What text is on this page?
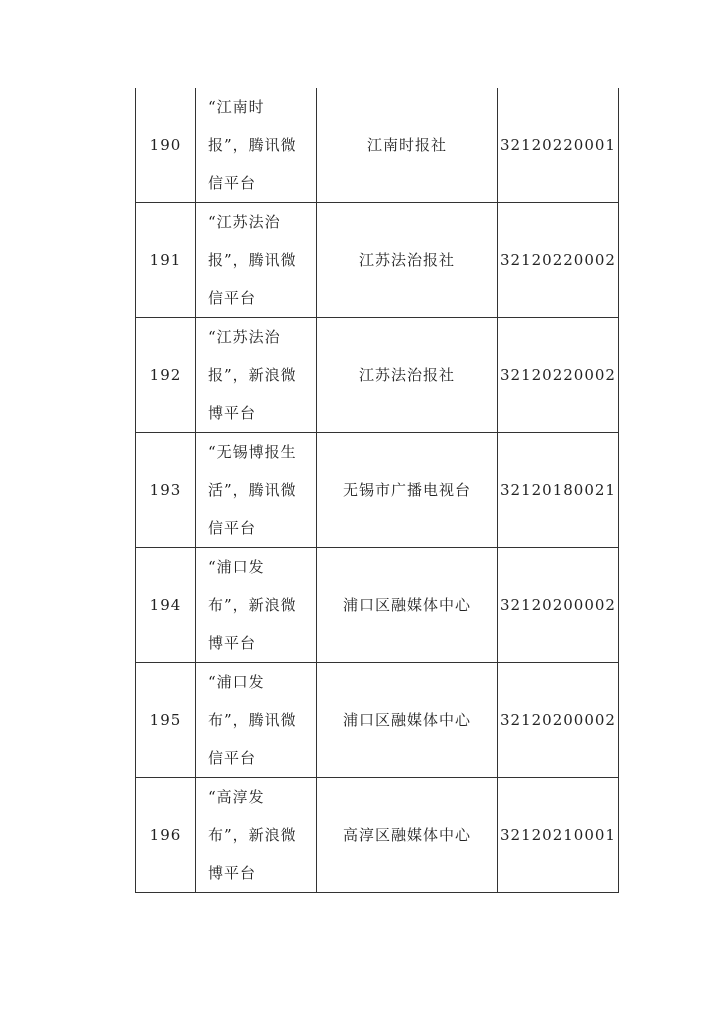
190	“江南时报”，腾讯微信平台	江南时报社	32120220001
191	“江苏法治报”，腾讯微信平台	江苏法治报社	32120220002
192	“江苏法治报”，新浪微博平台	江苏法治报社	32120220002
193	“无锡博报生活”，腾讯微信平台	无锡市广播电视台	32120180021
194	“浦口发布”，新浪微博平台	浦口区融媒体中心	32120200002
195	“浦口发布”，腾讯微信平台	浦口区融媒体中心	32120200002
196	“高淳发布”，新浪微博平台	高淳区融媒体中心	32120210001
